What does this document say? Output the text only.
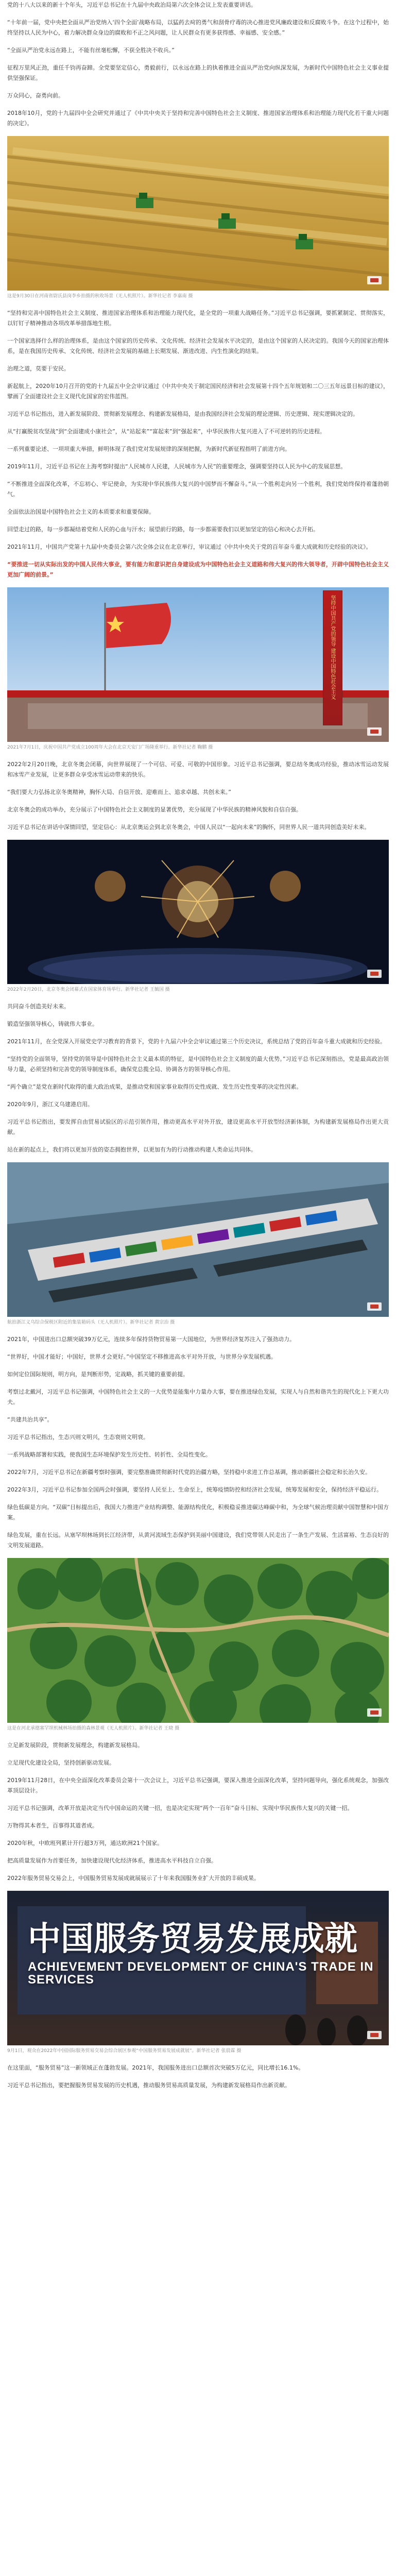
党的十八大以来的新十个年头，习近平总书记在十九届中央政治局第六次全体会议上发表重要讲话。

“十年前一届，党中央把全面从严治党纳入‘四个全面’战略布局，以猛药去疴的勇气和刮骨疗毒的决心推进党风廉政建设和反腐败斗争。在这个过程中，始终坚持以人民为中心，着力解决群众身边的腐败和不正之风问题，让人民群众有更多获得感、幸福感、安全感。”

“全面从严治党永远在路上，不能有丝毫松懈，不获全胜决不收兵。”

征程万里风正劲，重任千钧再奋蹄。全党要坚定信心，勇毅前行，以永远在路上的执着推进全面从严治党向纵深发展，为新时代中国特色社会主义事业提供坚强保证。

万众同心，奋勇向前。

2018年10月，党的十九届四中全会研究并通过了《中共中央关于坚持和完善中国特色社会主义制度、推进国家治理体系和治理能力现代化若干重大问题的决定》。

这是9月30日在河南省尉氏县岗李乡拍摄的秋收场景（无人机照片）。新华社记者 李嘉南 摄

“坚持和完善中国特色社会主义制度、推进国家治理体系和治理能力现代化，是全党的一项重大战略任务。”习近平总书记强调，要抓紧制定、贯彻落实，以钉钉子精神推动各项改革举措落地生根。

一个国家选择什么样的治理体系，是由这个国家的历史传承、文化传统、经济社会发展水平决定的，是由这个国家的人民决定的。我国今天的国家治理体系，是在我国历史传承、文化传统、经济社会发展的基础上长期发展、渐进改进、内生性演化的结果。

治理之道，莫要于安民。

新起航上，2020年10月召开的党的十九届五中全会审议通过《中共中央关于制定国民经济和社会发展第十四个五年规划和二〇三五年远景目标的建议》，擘画了全面建设社会主义现代化国家的宏伟蓝图。

习近平总书记指出，进入新发展阶段、贯彻新发展理念、构建新发展格局，是由我国经济社会发展的理论逻辑、历史逻辑、现实逻辑决定的。

从“打赢脱贫攻坚战”到“全面建成小康社会”，从“站起来”“富起来”到“强起来”，中华民族伟大复兴进入了不可逆转的历史进程。

一系列重要论述、一项项重大举措，鲜明体现了我们党对发展规律的深刻把握，为新时代新征程指明了前进方向。

2019年11月，习近平总书记在上海考察时提出“人民城市人民建，人民城市为人民”的重要理念，强调要坚持以人民为中心的发展思想。

“不断推进全面深化改革，不忘初心、牢记使命，为实现中华民族伟大复兴的中国梦而不懈奋斗。”从一个胜利走向另一个胜利，我们党始终保持着蓬勃朝气。

全面依法治国是中国特色社会主义的本质要求和重要保障。

回望走过的路，每一步都凝结着党和人民的心血与汗水；展望前行的路，每一步都需要我们以更加坚定的信心和决心去开拓。

2021年11月，中国共产党第十九届中央委员会第六次全体会议在北京举行，审议通过《中共中央关于党的百年奋斗重大成就和历史经验的决议》。

“要推进一切从实际出发的中国人民伟大事业，要有能力和意识把自身建设成为中国特色社会主义道路和伟大复兴的伟大领导者，开辟中国特色社会主义更加广阔的前景。”

坚持中国共产党的领导 建设中国特色社会主义

2021年7月1日，庆祝中国共产党成立100周年大会在北京天安门广场隆重举行。新华社记者 鞠鹏 摄

2022年2月20日晚，北京冬奥会闭幕，向世界展现了一个可信、可爱、可敬的中国形象。习近平总书记强调，要总结冬奥成功经验，推动冰雪运动发展和冰雪产业发展，让更多群众享受冰雪运动带来的快乐。

“我们要大力弘扬北京冬奥精神，胸怀大局、自信开放、迎难而上、追求卓越、共创未来。”

北京冬奥会的成功举办，充分展示了中国特色社会主义制度的显著优势，充分展现了中华民族的精神风貌和自信自强。

习近平总书记在讲话中深情回望，坚定信心：从北京奥运会到北京冬奥会，中国人民以“一起向未来”的胸怀，同世界人民一道共同创造美好未来。

2022年2月20日，北京冬奥会闭幕式在国家体育场举行。新华社记者 王毓国 摄

共同奋斗创造美好未来。

锻造坚强领导核心，铸就伟大事业。

2021年11月，在全党深入开展党史学习教育的背景下，党的十九届六中全会审议通过第三个历史决议，系统总结了党的百年奋斗重大成就和历史经验。

“坚持党的全面领导，坚持党的领导是中国特色社会主义最本质的特征，是中国特色社会主义制度的最大优势。”习近平总书记深刻指出，党是最高政治领导力量，必须坚持和完善党的领导制度体系，确保党总揽全局、协调各方的领导核心作用。

“两个确立”是党在新时代取得的重大政治成果，是推动党和国家事业取得历史性成就、发生历史性变革的决定性因素。

2020年9月，浙江义乌建港启用。

习近平总书记指出，要发挥自由贸易试验区的示范引领作用，推动更高水平对外开放，建设更高水平开放型经济新体制，为构建新发展格局作出更大贡献。

站在新的起点上，我们将以更加开放的姿态拥抱世界，以更加有为的行动推动构建人类命运共同体。

航拍浙江义乌综合保税区附近的集装箱码头（无人机照片）。新华社记者 黄宗治 摄

2021年，中国进出口总额突破39万亿元，连续多年保持货物贸易第一大国地位，为世界经济复苏注入了强劲动力。

“世界好，中国才能好；中国好，世界才会更好。”中国坚定不移推进高水平对外开放，与世界分享发展机遇。

如何定位国际规则，明方向，是判断形势，定战略，抓关键的重要前提。

考察过北戴河，习近平总书记强调，中国特色社会主义的一大优势是能集中力量办大事，要在推进绿色发展，实现人与自然和谐共生的现代化上下更大功夫。

“共建共治共享”。

习近平总书记指出，生态兴则文明兴，生态衰则文明衰。

一系列战略部署和实践，使我国生态环境保护发生历史性、转折性、全局性变化。

2022年7月，习近平总书记在新疆考察时强调，要完整准确贯彻新时代党的治疆方略，坚持稳中求进工作总基调，推动新疆社会稳定和长治久安。

2022年3月，习近平总书记参加全国两会时强调，要坚持人民至上、生命至上，统筹疫情防控和经济社会发展，统筹发展和安全，保持经济平稳运行。

绿色低碳是方向。“双碳”目标提出后，我国大力推进产业结构调整、能源结构优化，积极稳妥推进碳达峰碳中和，为全球气候治理贡献中国智慧和中国方案。

绿色发展，重在长远。从塞罕坝林场到长江经济带，从黄河流域生态保护到美丽中国建设，我们党带领人民走出了一条生产发展、生活富裕、生态良好的文明发展道路。

这是在河北承德塞罕坝机械林场拍摄的森林景观（无人机照片）。新华社记者 王晓 摄

立足新发展阶段，贯彻新发展理念，构建新发展格局。

立足现代化建设全局，坚持创新驱动发展。

2019年11月28日，在中央全面深化改革委员会第十一次会议上，习近平总书记强调，要深入推进全面深化改革，坚持问题导向，强化系统观念，加强改革顶层设计。

习近平总书记强调，改革开放是决定当代中国命运的关键一招，也是决定实现“两个一百年”奋斗目标、实现中华民族伟大复兴的关键一招。

万物得其本者生，百事得其道者成。

2020年秋，中欧班列累计开行超3万列，通达欧洲21个国家。

把高质量发展作为首要任务，加快建设现代化经济体系，推进高水平科技自立自强。

2022年服务贸易交易会上，中国服务贸易发展成就展展示了十年来我国服务业扩大开放的丰硕成果。

中国服务贸易发展成就
ACHIEVEMENT DEVELOPMENT OF CHINA'S TRADE IN SERVICES

9月1日，观众在2022年中国国际服务贸易交易会综合展区参观“中国服务贸易发展成就展”。新华社记者 张晨霖 摄

在这里面，“服务贸易”这一新领域正在蓬勃发展。2021年，我国服务进出口总额首次突破5万亿元，同比增长16.1%。

习近平总书记指出，要把握服务贸易发展的历史机遇，推动服务贸易高质量发展，为构建新发展格局作出新贡献。
